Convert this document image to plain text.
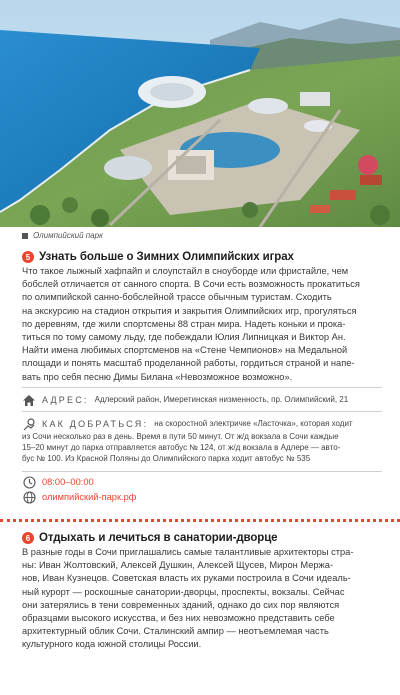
Олимпийский парк
5 Узнать больше о Зимних Олимпийских играх
Что такое лыжный хафпайп и слоупстайл в сноуборде или фристайле, чем
бобслей отличается от санного спорта. В Сочи есть возможность прокатиться
по олимпийской санно-бобслейной трассе обычным туристам. Сходить
на экскурсию на стадион открытия и закрытия Олимпийских игр, прогуляться
по деревням, где жили спортсмены 88 стран мира. Надеть коньки и прока-
титься по тому самому льду, где побеждали Юлия Липницкая и Виктор Ан.
Найти имена любимых спортсменов на «Стене Чемпионов» на Медальной
площади и понять масштаб проделанной работы, гордиться страной и напе-
вать про себя песню Димы Билана «Невозможное возможно».
АДРЕС: Адлерский район, Имеретинская низменность, пр. Олимпийский, 21
КАК ДОБРАТЬСЯ: на скоростной электричке «Ласточка», которая ходит
из Сочи несколько раз в день. Время в пути 50 минут. От ж/д вокзала в Сочи каждые
15–20 минут до парка отправляется автобус № 124, от ж/д вокзала в Адлере — авто-
бус № 100. Из Красной Поляны до Олимпийского парка ходит автобус № 535
08:00–00:00
олимпийский-парк.рф
6 Отдыхать и лечиться в санатории-дворце
В разные годы в Сочи приглашались самые талантливые архитекторы стра-
ны: Иван Жолтовский, Алексей Душкин, Алексей Щусев, Мирон Мержа-
нов, Иван Кузнецов. Советская власть их руками построила в Сочи идеаль-
ный курорт — роскошные санатории-дворцы, проспекты, вокзалы. Сейчас
они затерялись в тени современных зданий, однако до сих пор являются
образцами высокого искусства, и без них невозможно представить себе
архитектурный облик Сочи. Сталинский ампир — неотъемлемая часть
культурного кода южной столицы России.
